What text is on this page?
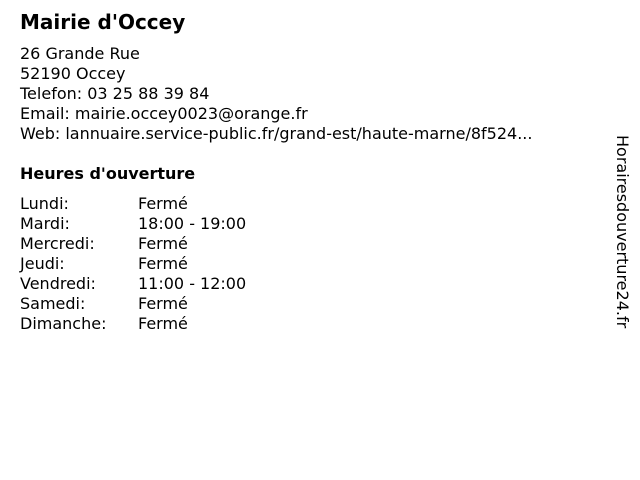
Mairie d'Occey
26 Grande Rue
52190 Occey
Telefon: 03 25 88 39 84
Email: mairie.occey0023@orange.fr
Web: lannuaire.service-public.fr/grand-est/haute-marne/8f524...
Heures d'ouverture
Lundi:	Fermé
Mardi:	18:00 - 19:00
Mercredi:	Fermé
Jeudi:	Fermé
Vendredi:	11:00 - 12:00
Samedi:	Fermé
Dimanche:	Fermé	Horairesdouverture24.fr
